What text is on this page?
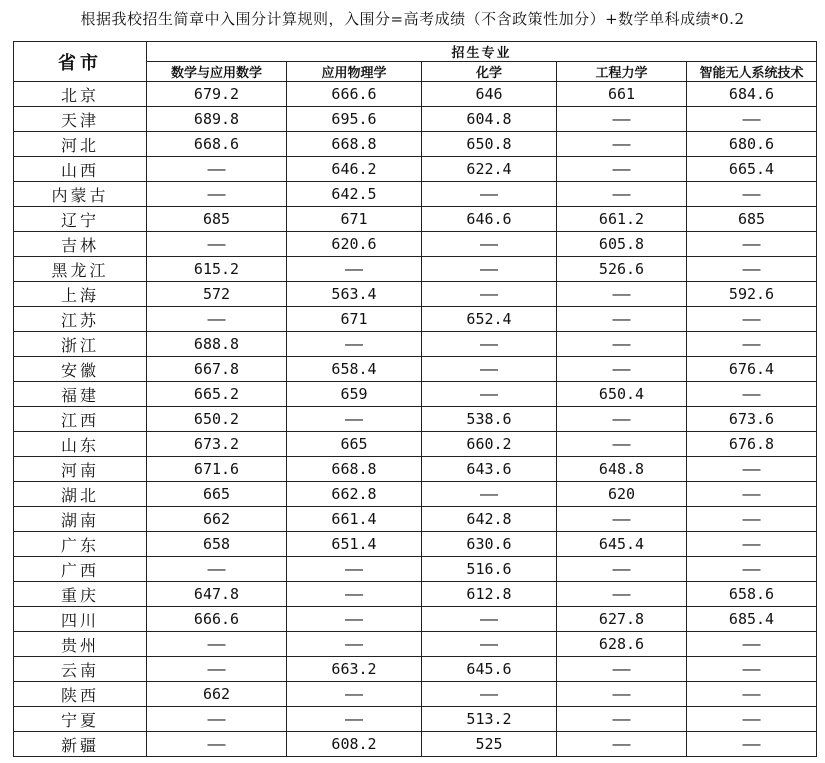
根据我校招生简章中入围分计算规则，入围分=高考成绩（不含政策性加分）+数学单科成绩*0.2
省市	招生专业				
	数学与应用数学	应用物理学	化学	工程力学	智能无人系统技术
北京	679.2	666.6	646	661	684.6
天津	689.8	695.6	604.8	——	——
河北	668.6	668.8	650.8	——	680.6
山西	——	646.2	622.4	——	665.4
内蒙古	——	642.5	——	——	——
辽宁	685	671	646.6	661.2	685
吉林	——	620.6	——	605.8	——
黑龙江	615.2	——	——	526.6	——
上海	572	563.4	——	——	592.6
江苏	——	671	652.4	——	——
浙江	688.8	——	——	——	——
安徽	667.8	658.4	——	——	676.4
福建	665.2	659	——	650.4	——
江西	650.2	——	538.6	——	673.6
山东	673.2	665	660.2	——	676.8
河南	671.6	668.8	643.6	648.8	——
湖北	665	662.8	——	620	——
湖南	662	661.4	642.8	——	——
广东	658	651.4	630.6	645.4	——
广西	——	——	516.6	——	——
重庆	647.8	——	612.8	——	658.6
四川	666.6	——	——	627.8	685.4
贵州	——	——	——	628.6	——
云南	——	663.2	645.6	——	——
陕西	662	——	——	——	——
宁夏	——	——	513.2	——	——
新疆	——	608.2	525	——	——
